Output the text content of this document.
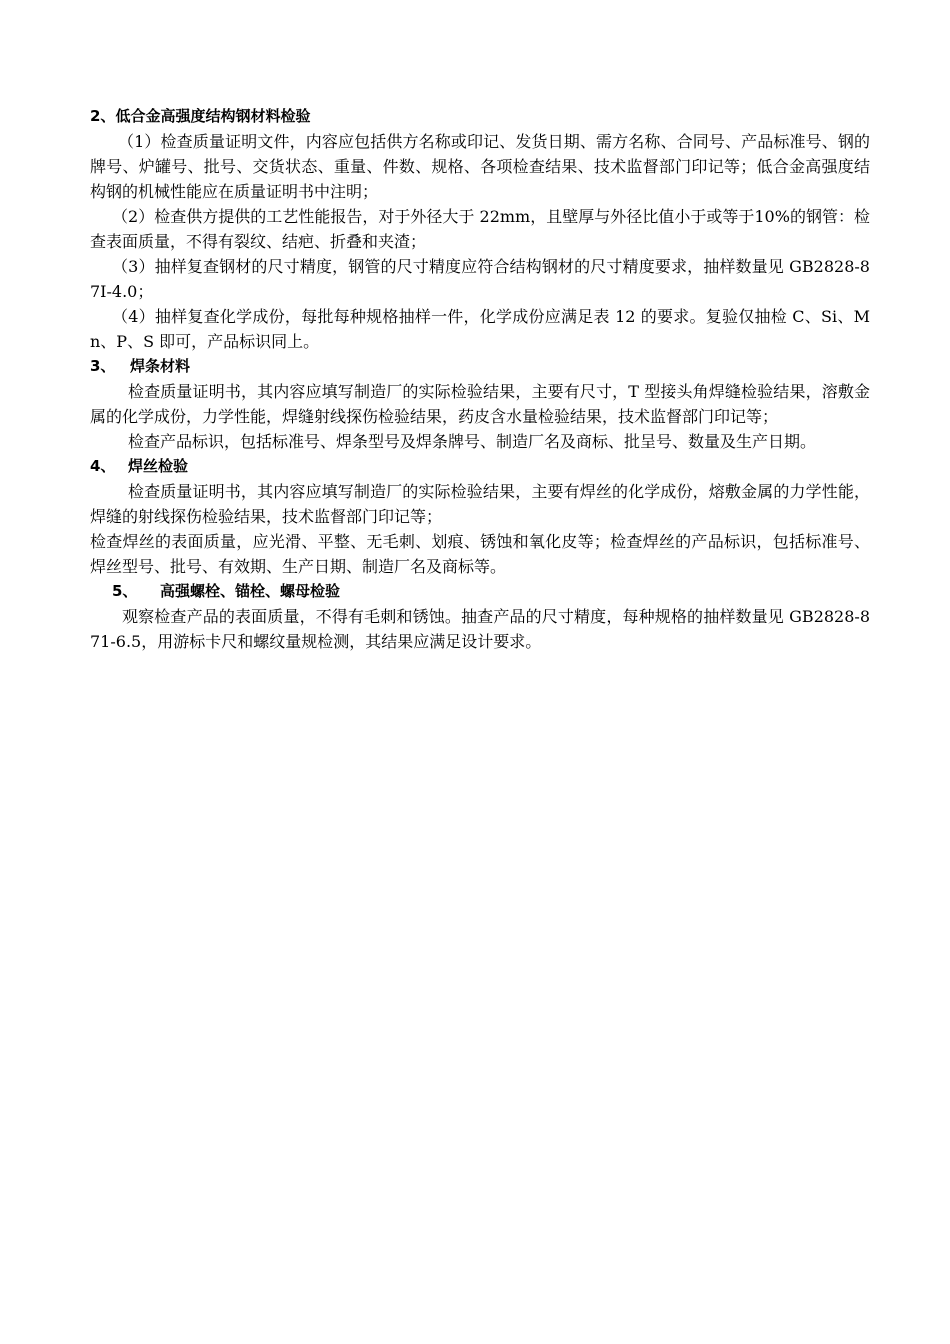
2、低合金高强度结构钢材料检验

（1）检查质量证明文件，内容应包括供方名称或印记、发货日期、需方名称、合同号、产品标准号、钢的牌号、炉罐号、批号、交货状态、重量、件数、规格、各项检查结果、技术监督部门印记等；低合金高强度结构钢的机械性能应在质量证明书中注明；

（2）检查供方提供的工艺性能报告，对于外径大于 22mm，且壁厚与外径比值小于或等于10%的钢管：检查表面质量，不得有裂纹、结疤、折叠和夹渣；

（3）抽样复查钢材的尺寸精度，钢管的尺寸精度应符合结构钢材的尺寸精度要求，抽样数量见 GB2828-87I-4.0；

（4）抽样复查化学成份，每批每种规格抽样一件，化学成份应满足表 12 的要求。复验仅抽检 C、Si、Mn、P、S 即可，产品标识同上。

3、 焊条材料

检查质量证明书，其内容应填写制造厂的实际检验结果，主要有尺寸，T 型接头角焊缝检验结果，溶敷金属的化学成份，力学性能，焊缝射线探伤检验结果，药皮含水量检验结果，技术监督部门印记等；

检查产品标识，包括标准号、焊条型号及焊条牌号、制造厂名及商标、批呈号、数量及生产日期。

4、 焊丝检验

检查质量证明书，其内容应填写制造厂的实际检验结果，主要有焊丝的化学成份，熔敷金属的力学性能，焊缝的射线探伤检验结果，技术监督部门印记等；

检查焊丝的表面质量，应光滑、平整、无毛刺、划痕、锈蚀和氧化皮等；检查焊丝的产品标识，包括标准号、焊丝型号、批号、有效期、生产日期、制造厂名及商标等。

5、 高强螺栓、锚栓、螺母检验

观察检查产品的表面质量，不得有毛刺和锈蚀。抽查产品的尺寸精度，每种规格的抽样数量见 GB2828-871-6.5，用游标卡尺和螺纹量规检测，其结果应满足设计要求。
